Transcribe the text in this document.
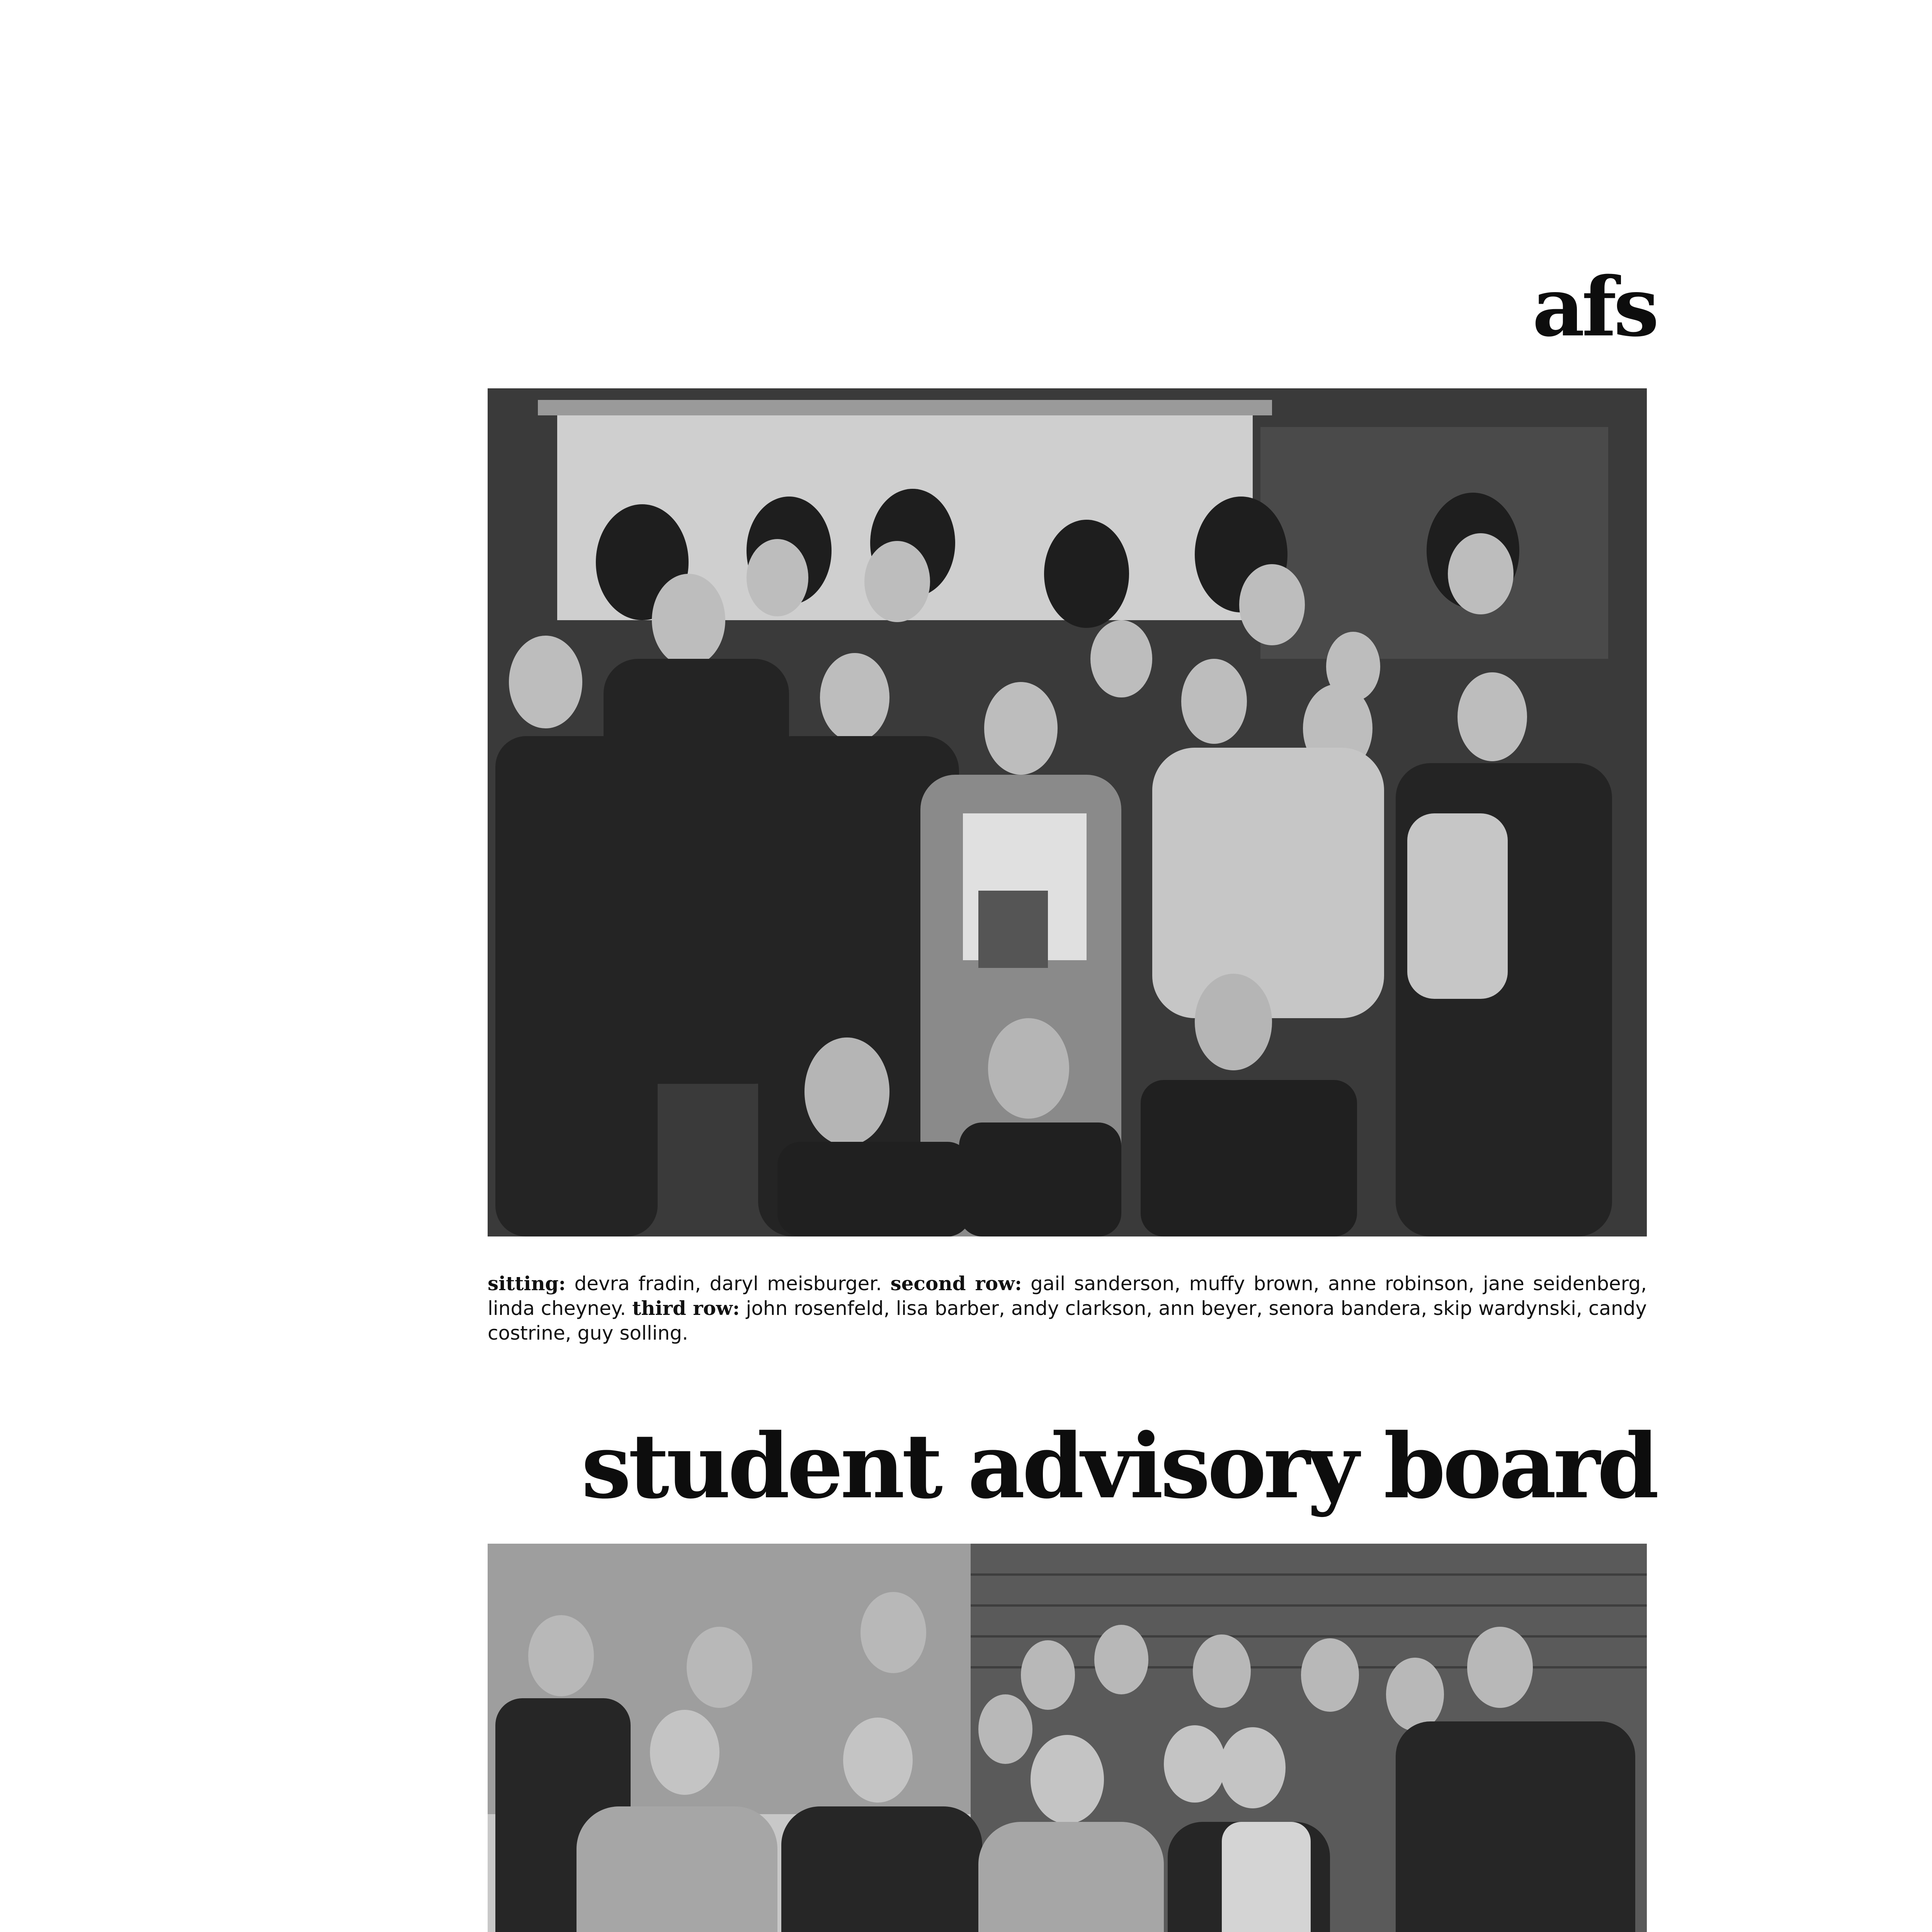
afs

sitting: devra fradin, daryl meisburger. second row: gail sanderson, muffy brown, anne robinson, jane seidenberg, linda cheyney. third row: john rosenfeld, lisa barber, andy clarkson, ann beyer, senora bandera, skip wardynski, candy costrine, guy solling.

student advisory board
